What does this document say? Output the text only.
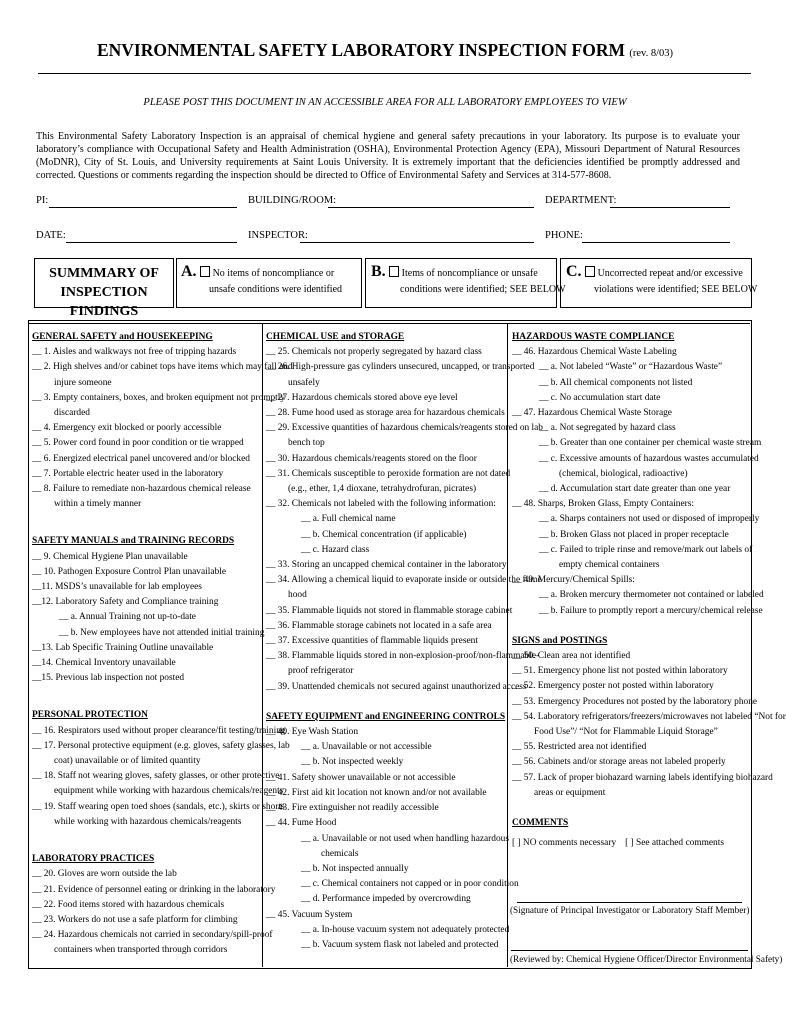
ENVIRONMENTAL SAFETY LABORATORY INSPECTION FORM (rev. 8/03)
PLEASE POST THIS DOCUMENT IN AN ACCESSIBLE AREA FOR ALL LABORATORY EMPLOYEES TO VIEW
This Environmental Safety Laboratory Inspection is an appraisal of chemical hygiene and general safety precautions in your laboratory. Its purpose is to evaluate your laboratory’s compliance with Occupational Safety and Health Administration (OSHA), Environmental Protection Agency (EPA), Missouri Department of Natural Resources (MoDNR), City of St. Louis, and University requirements at Saint Louis University. It is extremely important that the deficiencies identified be promptly addressed and corrected. Questions or comments regarding the inspection should be directed to Office of Environmental Safety and Services at 314-577-8608.
PI:	BUILDING/ROOM:	DEPARTMENT:
DATE:	INSPECTOR:	PHONE:
SUMMMARY OF
INSPECTION FINDINGS
A. No items of noncompliance or
unsafe conditions were identified
B. Items of noncompliance or unsafe
conditions were identified; SEE BELOW
C. Uncorrected repeat and/or excessive
violations were identified; SEE BELOW
GENERAL SAFETY and HOUSEKEEPING
__ 1. Aisles and walkways not free of tripping hazards
__ 2. High shelves and/or cabinet tops have items which may fall and
injure someone
__ 3. Empty containers, boxes, and broken equipment not promptly
discarded
__ 4. Emergency exit blocked or poorly accessible
__ 5. Power cord found in poor condition or tie wrapped
__ 6. Energized electrical panel uncovered and/or blocked
__ 7. Portable electric heater used in the laboratory
__ 8. Failure to remediate non-hazardous chemical release
within a timely manner
SAFETY MANUALS and TRAINING RECORDS
__ 9. Chemical Hygiene Plan unavailable
__ 10. Pathogen Exposure Control Plan unavailable
__11. MSDS’s unavailable for lab employees
__12. Laboratory Safety and Compliance training
__ a. Annual Training not up-to-date
__ b. New employees have not attended initial training
__13. Lab Specific Training Outline unavailable
__14. Chemical Inventory unavailable
__15. Previous lab inspection not posted
PERSONAL PROTECTION
__ 16. Respirators used without proper clearance/fit testing/training
__ 17. Personal protective equipment (e.g. gloves, safety glasses, lab
coat) unavailable or of limited quantity
__ 18. Staff not wearing gloves, safety glasses, or other protective
equipment while working with hazardous chemicals/reagents
__ 19. Staff wearing open toed shoes (sandals, etc.), skirts or shorts
while working with hazardous chemicals/reagents
LABORATORY PRACTICES
__ 20. Gloves are worn outside the lab
__ 21. Evidence of personnel eating or drinking in the laboratory
__ 22. Food items stored with hazardous chemicals
__ 23. Workers do not use a safe platform for climbing
__ 24. Hazardous chemicals not carried in secondary/spill-proof
containers when transported through corridors
CHEMICAL USE and STORAGE
__ 25. Chemicals not properly segregated by hazard class
__ 26. High-pressure gas cylinders unsecured, uncapped, or transported
unsafely
__ 27. Hazardous chemicals stored above eye level
__ 28. Fume hood used as storage area for hazardous chemicals
__ 29. Excessive quantities of hazardous chemicals/reagents stored on lab
bench top
__ 30. Hazardous chemicals/reagents stored on the floor
__ 31. Chemicals susceptible to peroxide formation are not dated
(e.g., ether, 1,4 dioxane, tetrahydrofuran, picrates)
__ 32. Chemicals not labeled with the following information:
__ a. Full chemical name
__ b. Chemical concentration (if applicable)
__ c. Hazard class
__ 33. Storing an uncapped chemical container in the laboratory
__ 34. Allowing a chemical liquid to evaporate inside or outside the fume
hood
__ 35. Flammable liquids not stored in flammable storage cabinet
__ 36. Flammable storage cabinets not located in a safe area
__ 37. Excessive quantities of flammable liquids present
__ 38. Flammable liquids stored in non-explosion-proof/non-flammable-
proof refrigerator
__ 39. Unattended chemicals not secured against unauthorized access
SAFETY EQUIPMENT and ENGINEERING CONTROLS
__ 40. Eye Wash Station
__ a. Unavailable or not accessible
__ b. Not inspected weekly
__ 41. Safety shower unavailable or not accessible
__ 42. First aid kit location not known and/or not available
__ 43. Fire extinguisher not readily accessible
__ 44. Fume Hood
__ a. Unavailable or not used when handling hazardous
chemicals
__ b. Not inspected annually
__ c. Chemical containers not capped or in poor condition
__ d. Performance impeded by overcrowding
__ 45. Vacuum System
__ a. In-house vacuum system not adequately protected
__ b. Vacuum system flask not labeled and protected
HAZARDOUS WASTE COMPLIANCE
__ 46. Hazardous Chemical Waste Labeling
__ a. Not labeled “Waste” or “Hazardous Waste”
__ b. All chemical components not listed
__ c. No accumulation start date
__ 47. Hazardous Chemical Waste Storage
__ a. Not segregated by hazard class
__ b. Greater than one container per chemical waste stream
__ c. Excessive amounts of hazardous wastes accumulated
(chemical, biological, radioactive)
__ d. Accumulation start date greater than one year
__ 48. Sharps, Broken Glass, Empty Containers:
__ a. Sharps containers not used or disposed of improperly
__ b. Broken Glass not placed in proper receptacle
__ c. Failed to triple rinse and remove/mark out labels of
empty chemical containers
__ 49. Mercury/Chemical Spills:
__ a. Broken mercury thermometer not contained or labeled
__ b. Failure to promptly report a mercury/chemical release
SIGNS and POSTINGS
__ 50. Clean area not identified
__ 51. Emergency phone list not posted within laboratory
__ 52. Emergency poster not posted within laboratory
__ 53. Emergency Procedures not posted by the laboratory phone
__ 54. Laboratory refrigerators/freezers/microwaves not labeled “Not for
Food Use”/ “Not for Flammable Liquid Storage”
__ 55. Restricted area not identified
__ 56. Cabinets and/or storage areas not labeled properly
__ 57. Lack of proper biohazard warning labels identifying biohazard
areas or equipment
COMMENTS
[ ] NO comments necessary [ ] See attached comments
(Signature of Principal Investigator or Laboratory Staff Member)
(Reviewed by: Chemical Hygiene Officer/Director Environmental Safety)
